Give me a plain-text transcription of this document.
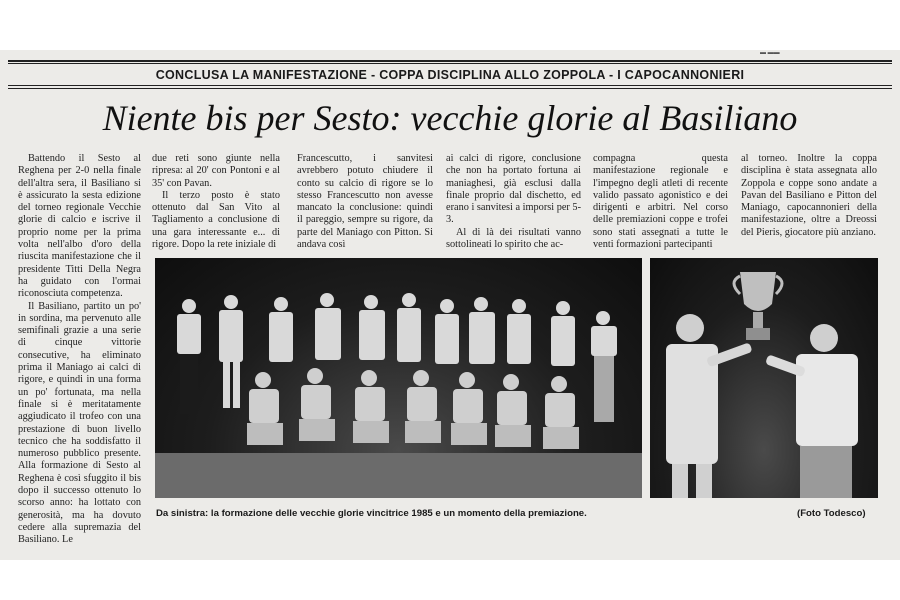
▬ ▬▬
CONCLUSA LA MANIFESTAZIONE - COPPA DISCIPLINA ALLO ZOPPOLA - I CAPOCANNONIERI
Niente bis per Sesto: vecchie glorie al Basiliano

Battendo il Sesto al Reghena per 2-0 nella finale dell'altra sera, il Basiliano si è assicurato la sesta edizione del torneo regionale Vecchie glorie di calcio e iscrive il proprio nome per la prima volta nell'albo d'oro della riuscita manifestazione che il presidente Titti Della Negra ha guidato con l'ormai riconosciuta competenza.

Il Basiliano, partito un po' in sordina, ma pervenuto alle semifinali grazie a una serie di cinque vittorie consecutive, ha eliminato prima il Maniago ai calci di rigore, e quindi in una forma un po' fortunata, ma nella finale si è meritatamente aggiudicato il trofeo con una prestazione di buon livello tecnico che ha soddisfatto il numeroso pubblico presente. Alla formazione di Sesto al Reghena è così sfuggito il bis dopo il successo ottenuto lo scorso anno: ha lottato con generosità, ma ha dovuto cedere alla supremazia del Basiliano. Le

due reti sono giunte nella ripresa: al 20' con Pontoni e al 35' con Pavan.

Il terzo posto è stato ottenuto dal San Vito al Tagliamento a conclusione di una gara interessante e... di rigore. Dopo la rete iniziale di

Francescutto, i sanvitesi avrebbero potuto chiudere il conto su calcio di rigore se lo stesso Francescutto non avesse mancato la conclusione: quindi il pareggio, sempre su rigore, da parte del Maniago con Pitton. Si andava così

ai calci di rigore, conclusione che non ha portato fortuna ai maniaghesi, già esclusi dalla finale proprio dal dischetto, ed erano i sanvitesi a imporsi per 5-3.

Al di là dei risultati vanno sottolineati lo spirito che ac-

compagna questa manifestazione regionale e l'impegno degli atleti di recente valido passato agonistico e dei dirigenti e arbitri. Nel corso delle premiazioni coppe e trofei sono stati assegnati a tutte le venti formazioni partecipanti

al torneo. Inoltre la coppa disciplina è stata assegnata allo Zoppola e coppe sono andate a Pavan del Basiliano e Pitton del Maniago, capocannonieri della manifestazione, oltre a Dreossi del Pieris, giocatore più anziano.

Da sinistra: la formazione delle vecchie glorie vincitrice 1985 e un momento della premiazione.	(Foto Todesco)
